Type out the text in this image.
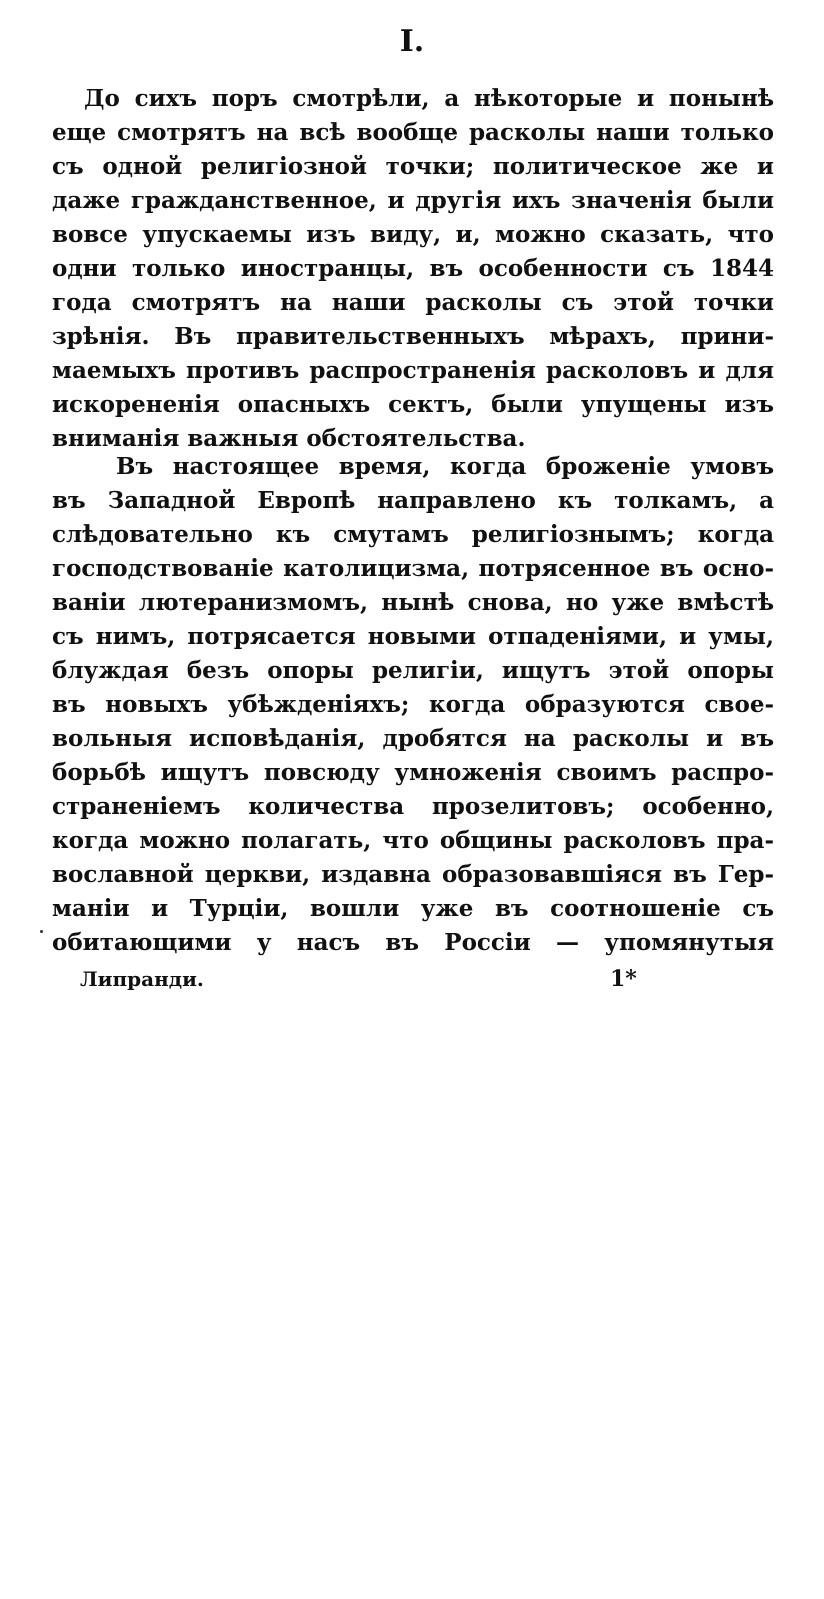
I.
До сихъ поръ смотрѣли, а нѣкоторые и понынѣ
еще смотрятъ на всѣ вообще расколы наши только
съ одной религiозной точки; политическое же и
даже гражданственное, и другiя ихъ значенiя были
вовсе упускаемы изъ виду, и, можно сказать, что
одни только иностранцы, въ особенности съ 1844
года смотрятъ на наши расколы съ этой точки
зрѣнiя. Въ правительственныхъ мѣрахъ, прини-
маемыхъ противъ распространенiя расколовъ и для
искорененiя опасныхъ сектъ, были упущены изъ
вниманiя важныя обстоятельства.
Въ настоящее время, когда броженiе умовъ
въ Западной Европѣ направлено къ толкамъ, а
слѣдовательно къ смутамъ религiознымъ; когда
господствованiе католицизма, потрясенное въ осно-
ванiи лютеранизмомъ, нынѣ снова, но уже вмѣстѣ
съ нимъ, потрясается новыми отпаденiями, и умы,
блуждая безъ опоры религiи, ищутъ этой опоры
въ новыхъ убѣжденiяхъ; когда образуются свое-
вольныя исповѣданiя, дробятся на расколы и въ
борьбѣ ищутъ повсюду умноженiя своимъ распро-
страненiемъ количества прозелитовъ; особенно,
когда можно полагать, что общины расколовъ пра-
вославной церкви, издавна образовавшiяся въ Гер-
манiи и Турцiи, вошли уже въ соотношенiе съ
обитающими у насъ въ Россiи — упомянутыя
Липранди.	1*
